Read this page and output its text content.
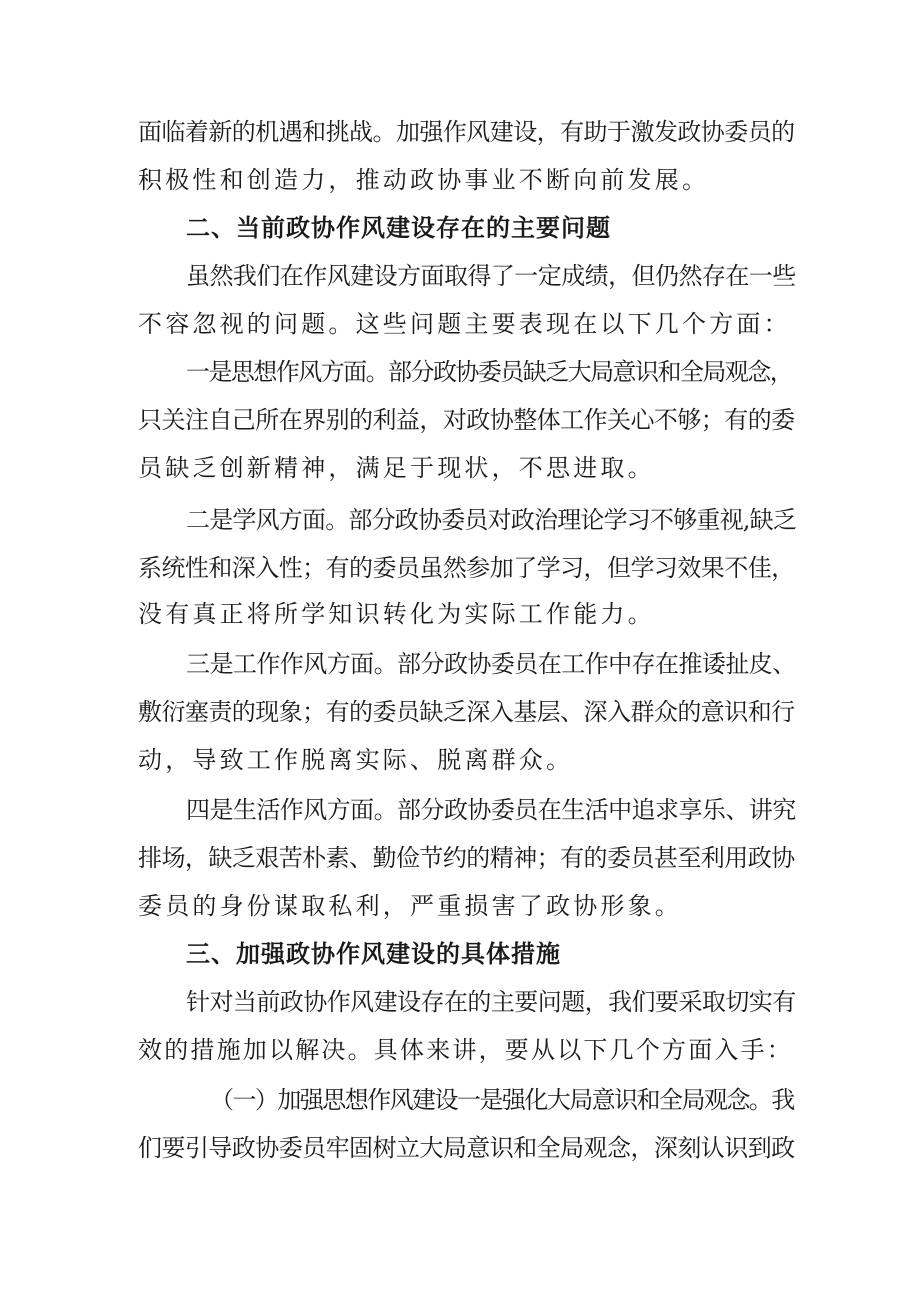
面临着新的机遇和挑战。加强作风建设，有助于激发政协委员的
积极性和创造力，推动政协事业不断向前发展。
二、当前政协作风建设存在的主要问题
虽然我们在作风建设方面取得了一定成绩，但仍然存在一些
不容忽视的问题。这些问题主要表现在以下几个方面：
一是思想作风方面。部分政协委员缺乏大局意识和全局观念，
只关注自己所在界别的利益，对政协整体工作关心不够；有的委
员缺乏创新精神，满足于现状，不思进取。
二是学风方面。部分政协委员对政治理论学习不够重视,缺乏
系统性和深入性；有的委员虽然参加了学习，但学习效果不佳，
没有真正将所学知识转化为实际工作能力。
三是工作作风方面。部分政协委员在工作中存在推诿扯皮、
敷衍塞责的现象；有的委员缺乏深入基层、深入群众的意识和行
动，导致工作脱离实际、脱离群众。
四是生活作风方面。部分政协委员在生活中追求享乐、讲究
排场，缺乏艰苦朴素、勤俭节约的精神；有的委员甚至利用政协
委员的身份谋取私利，严重损害了政协形象。
三、加强政协作风建设的具体措施
针对当前政协作风建设存在的主要问题，我们要采取切实有
效的措施加以解决。具体来讲，要从以下几个方面入手：
（一）加强思想作风建设一是强化大局意识和全局观念。我
们要引导政协委员牢固树立大局意识和全局观念，深刻认识到政
